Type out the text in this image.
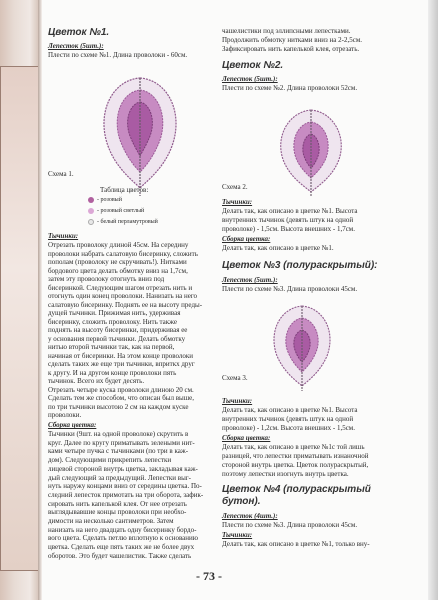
Цветок №1.
Лепесток (5шт.):
Плести по схеме №1. Длина проволоки - 60см.
Схема 1.
Таблица цветов:
- розовый
- розовый светлый
- белый перламутровый
Тычинки:
Отрезать проволоку длиной 45см. На середину
проволоки набрать салатовую бисеринку, сложить
пополам (проволоку не скручивать!). Нитками
бордового цвета делать обмотку вниз на 1,7см,
затем эту проволоку отогнуть вниз под
бисеринкой. Следующим шагом отрезать нить и
отогнуть один конец проволоки. Нанизать на него
салатовую бисеринку. Поднять ее на высоту преды-
дущей тычинки. Прижимая нить, удерживая
бисеринку, сложить проволоку. Нить также
поднять на высоту бисеринки, придерживая ее
у основания первой тычинки. Делать обмотку
нитью второй тычинки так, как на первой,
начиная от бисеринки. На этом конце проволоки
сделать таких же еще три тычинки, вприткх друг
к другу. И на другом конце проволоки пять
тычинок. Всего их будет десять.
Отрезать четыре куска проволоки длиною 20 см.
Сделать тем же способом, что описан был выше,
по три тычинки высотою 2 см на каждом куске
проволоки.
Сборка цветка:
Тычинки (9шт. на одной проволоке) скрутить в
круг. Далее по кругу приматывать зелеными нит-
ками четыре пучка с тычинками (по три в каж-
дом). Следующими прикрепить лепестки
лицевой стороной внутрь цветка, закладывая каж-
дый следующий за предыдущий. Лепестки выг-
нуть наружу концами вниз от середины цветка. По-
следний лепесток примотать на три оборота, зафик-
сировать нить капелькой клея. От нее отрезать
выглядывавшие концы проволоки при необхо-
димости на несколько сантиметров. Затем
нанизать на него двадцать одну бисеринку бордо-
вого цвета. Сделать петлю вплотную к основанию
цветка. Сделать еще пять таких же не более двух
оборотов. Это будет чашелистик. Также сделать
чашелистики под эллипсными лепестками.
Продолжить обмотку нитками вниз на 2-2,5см.
Зафиксировать нить капелькой клея, отрезать.
Цветок №2.
Лепесток (5шт.):
Плести по схеме №2. Длина проволоки 52см.
Схема 2.
Тычинки:
Делать так, как описано в цветке №1. Высота
внутренних тычинок (девять штук на одной
проволоке) - 1,5см. Высота внешних - 1,7см.
Сборка цветка:
Делать так, как описано в цветке №1.
Цветок №3 (полураскрытый):
Лепесток (5шт.):
Плести по схеме №3. Длина проволоки 45см.
Схема 3.
Тычинки:
Делать так, как описано в цветке №1. Высота
внутренних тычинок (девять штук на одной
проволоке) - 1,2см. Высота внешних - 1,5см.
Сборка цветка:
Делать так, как описано в цветке №1с той лишь
разницей, что лепестки приматывать изнаночной
стороной внутрь цветка. Цветок полураскрытый,
поэтому лепестки изогнуть внутрь цветка.
Цветок №4 (полураскрытый
бутон).
Лепесток (4шт.):
Плести по схеме №3. Длина проволоки 45см.
Тычинки:
Делать так, как описано в цветке №1, только вну-
- 73 -
